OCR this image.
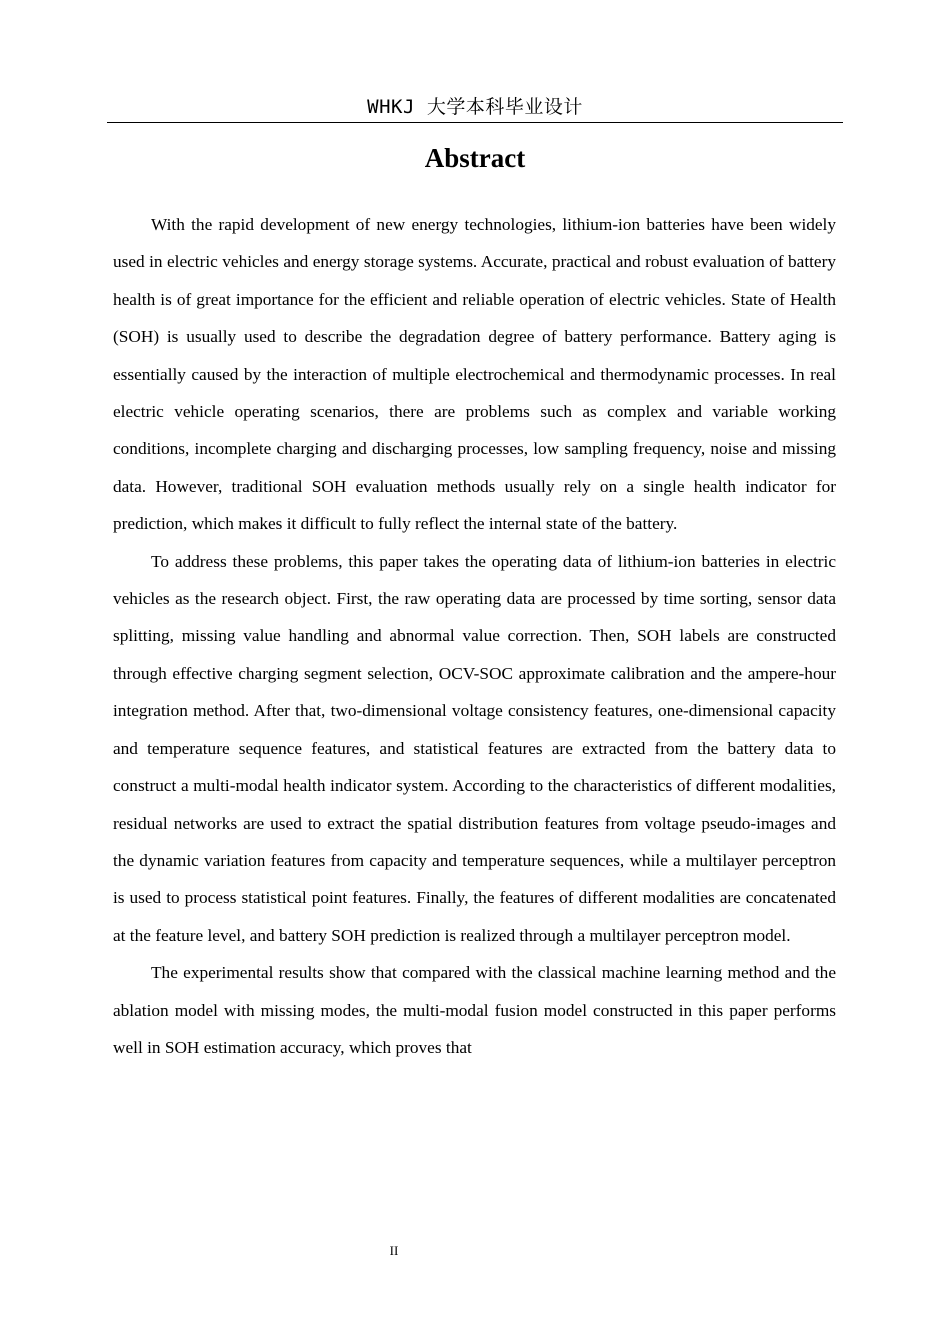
WHKJ 大学本科毕业设计
Abstract

With the rapid development of new energy technologies, lithium-ion batteries have been widely used in electric vehicles and energy storage systems. Accurate, practical and robust evaluation of battery health is of great importance for the efficient and reliable operation of electric vehicles. State of Health (SOH) is usually used to describe the degradation degree of battery performance. Battery aging is essentially caused by the interaction of multiple electrochemical and thermodynamic processes. In real electric vehicle operating scenarios, there are problems such as complex and variable working conditions, incomplete charging and discharging processes, low sampling frequency, noise and missing data. However, traditional SOH evaluation methods usually rely on a single health indicator for prediction, which makes it difficult to fully reflect the internal state of the battery.

To address these problems, this paper takes the operating data of lithium-ion batteries in electric vehicles as the research object. First, the raw operating data are processed by time sorting, sensor data splitting, missing value handling and abnormal value correction. Then, SOH labels are constructed through effective charging segment selection, OCV-SOC approximate calibration and the ampere-hour integration method. After that, two-dimensional voltage consistency features, one-dimensional capacity and temperature sequence features, and statistical features are extracted from the battery data to construct a multi-modal health indicator system. According to the characteristics of different modalities, residual networks are used to extract the spatial distribution features from voltage pseudo-images and the dynamic variation features from capacity and temperature sequences, while a multilayer perceptron is used to process statistical point features. Finally, the features of different modalities are concatenated at the feature level, and battery SOH prediction is realized through a multilayer perceptron model.

The experimental results show that compared with the classical machine learning method and the ablation model with missing modes, the multi-modal fusion model constructed in this paper performs well in SOH estimation accuracy, which proves that

II
